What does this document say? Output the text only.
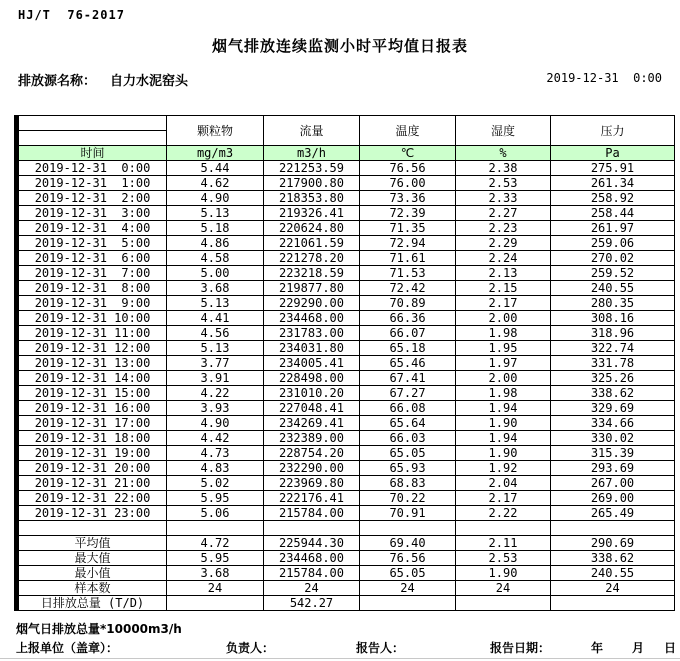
HJ/T  76-2017
烟气排放连续监测小时平均值日报表
排放源名称： 自力水泥窑头	2019-12-31  0:00
	颗粒物	流量	温度	湿度	压力

时间	mg/m3	m3/h	℃	%	Pa
2019-12-31  0:00	5.44	221253.59	76.56	2.38	275.91
2019-12-31  1:00	4.62	217900.80	76.00	2.53	261.34
2019-12-31  2:00	4.90	218353.80	73.36	2.33	258.92
2019-12-31  3:00	5.13	219326.41	72.39	2.27	258.44
2019-12-31  4:00	5.18	220624.80	71.35	2.23	261.97
2019-12-31  5:00	4.86	221061.59	72.94	2.29	259.06
2019-12-31  6:00	4.58	221278.20	71.61	2.24	270.02
2019-12-31  7:00	5.00	223218.59	71.53	2.13	259.52
2019-12-31  8:00	3.68	219877.80	72.42	2.15	240.55
2019-12-31  9:00	5.13	229290.00	70.89	2.17	280.35
2019-12-31 10:00	4.41	234468.00	66.36	2.00	308.16
2019-12-31 11:00	4.56	231783.00	66.07	1.98	318.96
2019-12-31 12:00	5.13	234031.80	65.18	1.95	322.74
2019-12-31 13:00	3.77	234005.41	65.46	1.97	331.78
2019-12-31 14:00	3.91	228498.00	67.41	2.00	325.26
2019-12-31 15:00	4.22	231010.20	67.27	1.98	338.62
2019-12-31 16:00	3.93	227048.41	66.08	1.94	329.69
2019-12-31 17:00	4.90	234269.41	65.64	1.90	334.66
2019-12-31 18:00	4.42	232389.00	66.03	1.94	330.02
2019-12-31 19:00	4.73	228754.20	65.05	1.90	315.39
2019-12-31 20:00	4.83	232290.00	65.93	1.92	293.69
2019-12-31 21:00	5.02	223969.80	68.83	2.04	267.00
2019-12-31 22:00	5.95	222176.41	70.22	2.17	269.00
2019-12-31 23:00	5.06	215784.00	70.91	2.22	265.49

平均值	4.72	225944.30	69.40	2.11	290.69
最大值	5.95	234468.00	76.56	2.53	338.62
最小值	3.68	215784.00	65.05	1.90	240.55
样本数	24	24	24	24	24
日排放总量 (T/D)		542.27			
烟气日排放总量*10000m3/h
上报单位（盖章）：	负责人：	报告人：	报告日期：	年 月 日
